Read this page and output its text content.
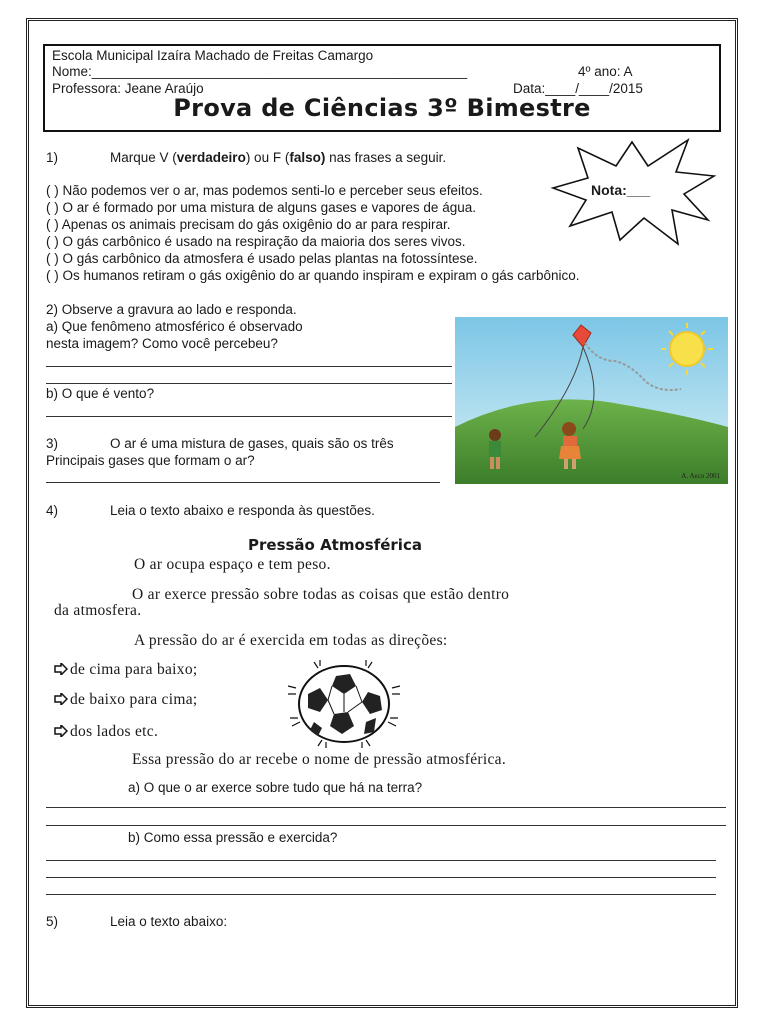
Escola Municipal Izaíra Machado de Freitas Camargo
Nome:__________________________________________________	4º ano: A
Professora: Jeane Araújo	Data:____/____/2015
Prova de Ciências 3º Bimestre
Nota:___
1)	Marque V (verdadeiro) ou F (falso) nas frases a seguir.
( ) Não podemos ver o ar, mas podemos senti-lo e perceber seus efeitos.
( ) O ar é formado por uma mistura de alguns gases e vapores de água.
( ) Apenas os animais precisam do gás oxigênio do ar para respirar.
( ) O gás carbônico é usado na respiração da maioria dos seres vivos.
( ) O gás carbônico da atmosfera é usado pelas plantas na fotossíntese.
( ) Os humanos retiram o gás oxigênio do ar quando inspiram e expiram o gás carbônico.
2) Observe a gravura ao lado e responda.
a) Que fenômeno atmosférico é observado
nesta imagem? Como você percebeu?
b) O que é vento?
A. Aeco 2001
3)	O ar é uma mistura de gases, quais são os três
Principais gases que formam o ar?
4)	Leia o texto abaixo e responda às questões.
Pressão Atmosférica
O ar ocupa espaço e tem peso.
O ar exerce pressão sobre todas as coisas que estão dentro
da atmosfera.
A pressão do ar é exercida em todas as direções:
de cima para baixo;
de baixo para cima;
dos lados etc.
Essa pressão do ar recebe o nome de pressão atmosférica.
a) O que o ar exerce sobre tudo que há na terra?
b) Como essa pressão e exercida?
5)	Leia o texto abaixo:
